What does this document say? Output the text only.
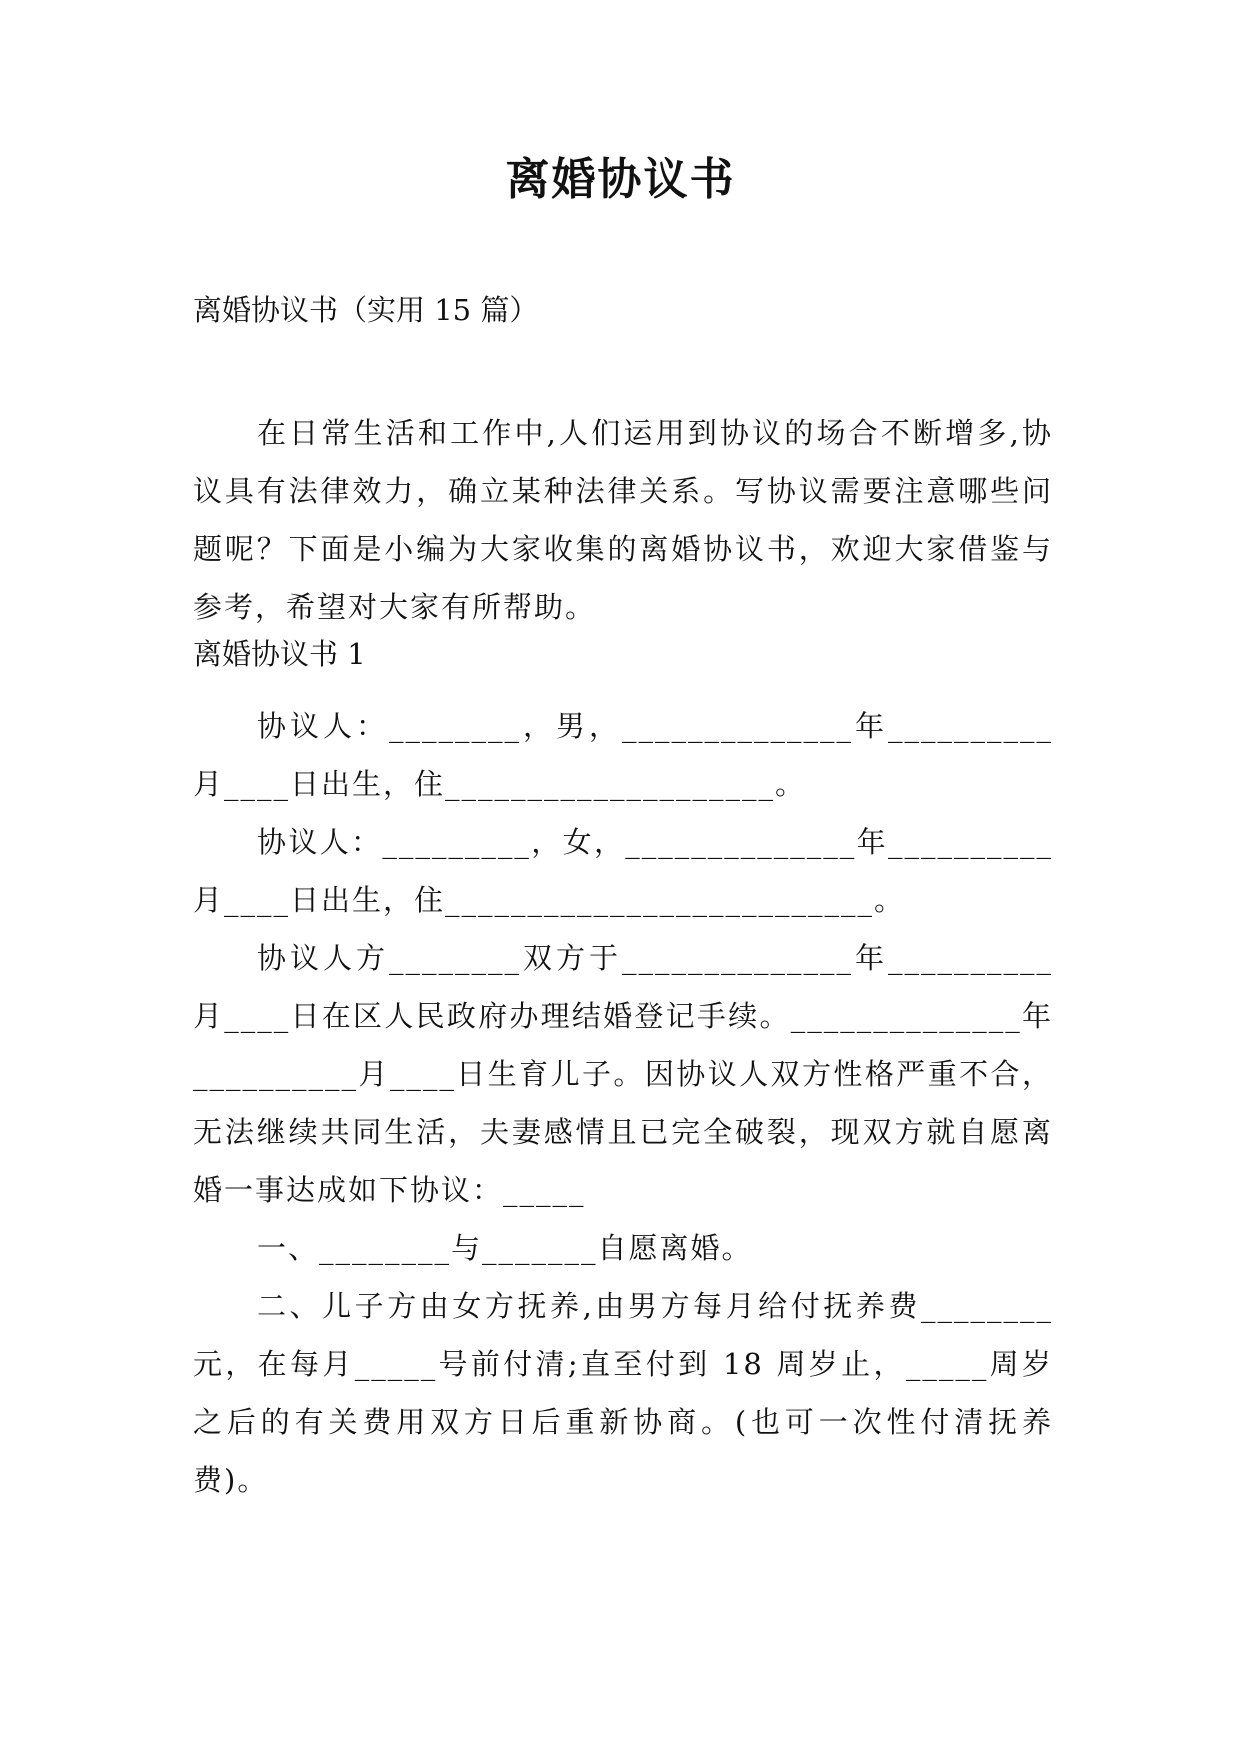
离婚协议书
离婚协议书（实用 15 篇）

在日常生活和工作中,人们运用到协议的场合不断增多,协议具有法律效力，确立某种法律关系。写协议需要注意哪些问题呢？下面是小编为大家收集的离婚协议书，欢迎大家借鉴与参考，希望对大家有所帮助。

离婚协议书 1

协议人：________，男，______________年__________月____日出生，住____________________。

协议人：_________，女，______________年__________月____日出生，住__________________________。

协议人方________双方于______________年__________月____日在区人民政府办理结婚登记手续。______________年__________月____日生育儿子。因协议人双方性格严重不合，无法继续共同生活，夫妻感情且已完全破裂，现双方就自愿离婚一事达成如下协议：_____

一、________与_______自愿离婚。

二、儿子方由女方抚养,由男方每月给付抚养费________元，在每月_____号前付清;直至付到 18 周岁止，_____周岁之后的有关费用双方日后重新协商。(也可一次性付清抚养费)。
